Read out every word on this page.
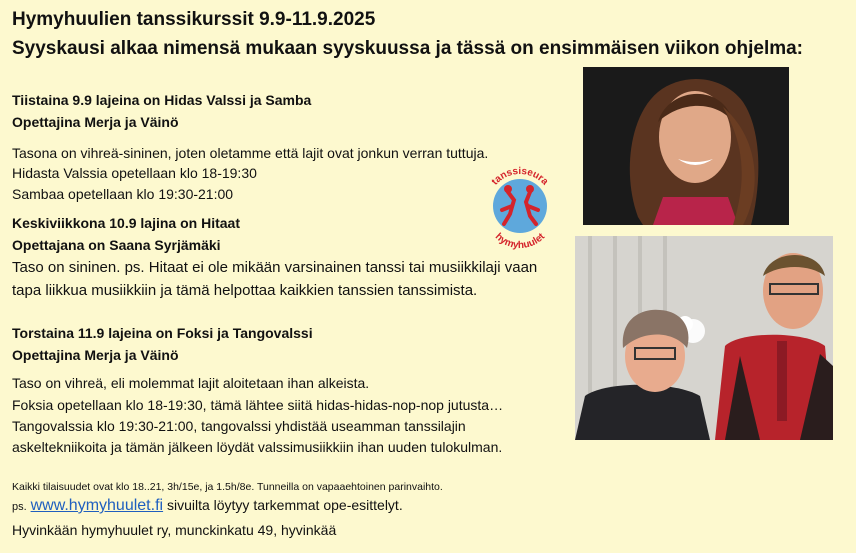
Hymyhuulien tanssikurssit 9.9-11.9.2025
Syyskausi alkaa nimensä mukaan syyskuussa ja tässä on ensimmäisen viikon ohjelma:
Tiistaina 9.9 lajeina on Hidas Valssi ja Samba
Opettajina Merja ja Väinö
Tasona on vihreä-sininen, joten oletamme että lajit ovat jonkun verran tuttuja.
Hidasta Valssia opetellaan klo 18-19:30
Sambaa opetellaan klo 19:30-21:00
Keskiviikkona 10.9 lajina on Hitaat
Opettajana on Saana Syrjämäki
Taso on sininen. ps. Hitaat ei ole mikään varsinainen tanssi tai musiikkilaji vaan
tapa liikkua musiikkiin ja tämä helpottaa kaikkien tanssien tanssimista.
Torstaina 11.9 lajeina on Foksi ja Tangovalssi
Opettajina Merja ja Väinö
Taso on vihreä, eli molemmat lajit aloitetaan ihan alkeista.
Foksia opetellaan klo 18-19:30, tämä lähtee siitä hidas-hidas-nop-nop jutusta…
Tangovalssia klo 19:30-21:00, tangovalssi yhdistää useamman tanssilajin
askeltekniikoita ja tämän jälkeen löydät valssimusiikkiin ihan uuden tulokulman.
Kaikki tilaisuudet ovat klo 18..21, 3h/15e, ja 1.5h/8e. Tunneilla on vapaaehtoinen parinvaihto.
ps. www.hymyhuulet.fi sivuilta löytyy tarkemmat ope-esittelyt.
Hyvinkään hymyhuulet ry, munckinkatu 49, hyvinkää
tanssiseura
hymyhuulet
